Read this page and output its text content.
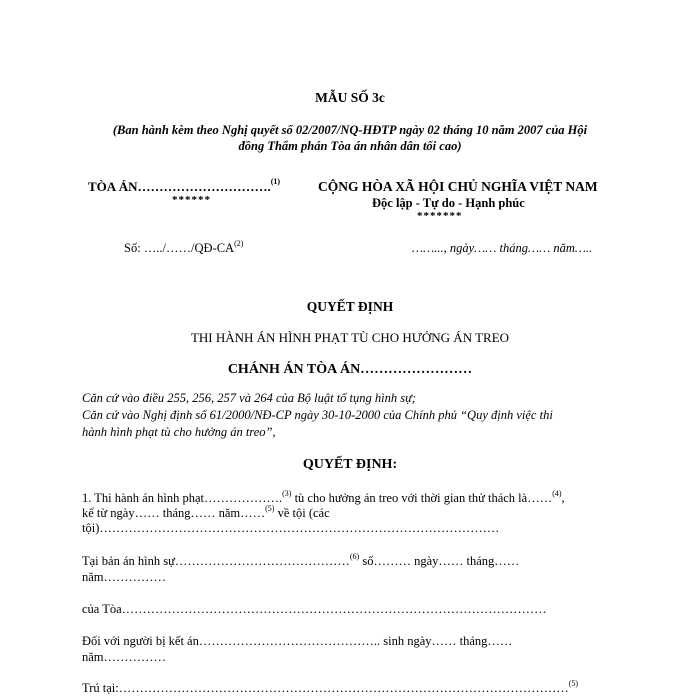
MẪU SỐ 3c
(Ban hành kèm theo Nghị quyết số 02/2007/NQ-HĐTP ngày 02 tháng 10 năm 2007 của Hội
đồng Thẩm phán Tòa án nhân dân tối cao)
TÒA ÁN………………………….$^{(1)}$
******
CỘNG HÒA XÃ HỘI CHỦ NGHĨA VIỆT NAM
Độc lập - Tự do - Hạnh phúc
*******
Số: …../……/QĐ-CA$^{(2)}$	……..., ngày…… tháng…… năm…..
QUYẾT ĐỊNH
THI HÀNH ÁN HÌNH PHẠT TÙ CHO HƯỞNG ÁN TREO
CHÁNH ÁN TÒA ÁN……………………
Căn cứ vào điều 255, 256, 257 và 264 của Bộ luật tố tụng hình sự;
Căn cứ vào Nghị định số 61/2000/NĐ-CP ngày 30-10-2000 của Chính phủ “Quy định việc thi
hành hình phạt tù cho hưởng án treo”,
QUYẾT ĐỊNH:
1. Thi hành án hình phạt……………….$^{(3)}$ tù cho hưởng án treo với thời gian thử thách là……$^{(4)}$,
kể từ ngày…… tháng…… năm……$^{(5)}$ về tội (các
tội)……………………………………………………………………………………
Tại bản án hình sự……………………………………$^{(6)}$ số……… ngày…… tháng……
năm……………
của Tòa…………………………………………………………………………………………
Đối với người bị kết án…………………………………….. sinh ngày…… tháng……
năm……………
Trú tại:………………………………………………………………………………………………$^{(5)}$
